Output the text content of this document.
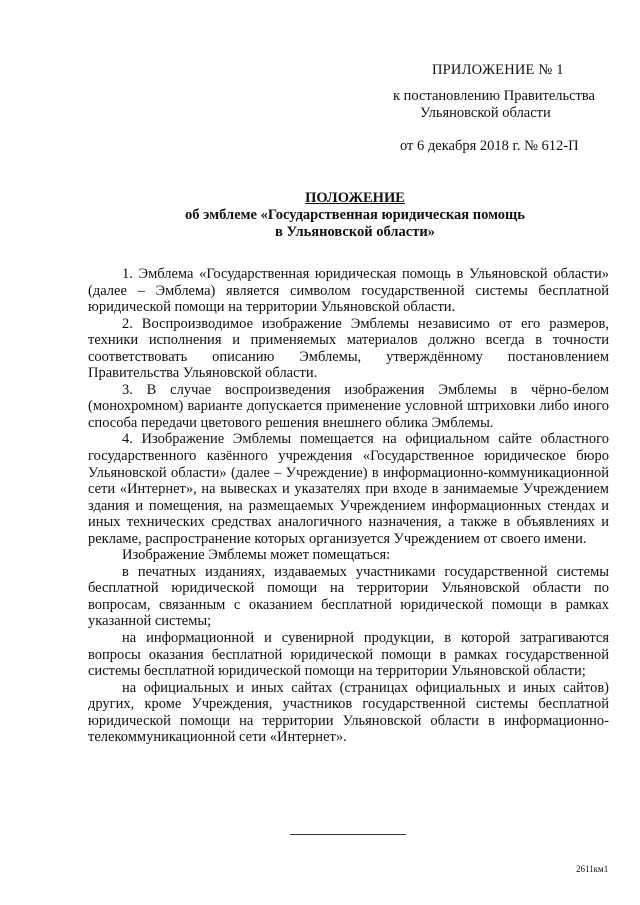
ПРИЛОЖЕНИЕ № 1
к постановлению Правительства
Ульяновской области
от 6 декабря 2018 г. № 612-П
ПОЛОЖЕНИЕ
об эмблеме «Государственная юридическая помощь
в Ульяновской области»

1. Эмблема «Государственная юридическая помощь в Ульяновской области» (далее – Эмблема) является символом государственной системы бесплатной юридической помощи на территории Ульяновской области.

2. Воспроизводимое изображение Эмблемы независимо от его размеров, техники исполнения и применяемых материалов должно всегда в точности соответствовать описанию Эмблемы, утверждённому постановлением Правительства Ульяновской области.

3. В случае воспроизведения изображения Эмблемы в чёрно-белом (монохромном) варианте допускается применение условной штриховки либо иного способа передачи цветового решения внешнего облика Эмблемы.

4. Изображение Эмблемы помещается на официальном сайте областного государственного казённого учреждения «Государственное юридическое бюро Ульяновской области» (далее – Учреждение) в информационно-коммуникационной сети «Интернет», на вывесках и указателях при входе в занимаемые Учреждением здания и помещения, на размещаемых Учреждением информационных стендах и иных технических средствах аналогичного назначения, а также в объявлениях и рекламе, распространение которых организуется Учреждением от своего имени.

Изображение Эмблемы может помещаться:

в печатных изданиях, издаваемых участниками государственной системы бесплатной юридической помощи на территории Ульяновской области по вопросам, связанным с оказанием бесплатной юридической помощи в рамках указанной системы;

на информационной и сувенирной продукции, в которой затрагиваются вопросы оказания бесплатной юридической помощи в рамках государственной системы бесплатной юридической помощи на территории Ульяновской области;

на официальных и иных сайтах (страницах официальных и иных сайтов) других, кроме Учреждения, участников государственной системы бесплатной юридической помощи на территории Ульяновской области в информационно-телекоммуникационной сети «Интернет».

2611км1
